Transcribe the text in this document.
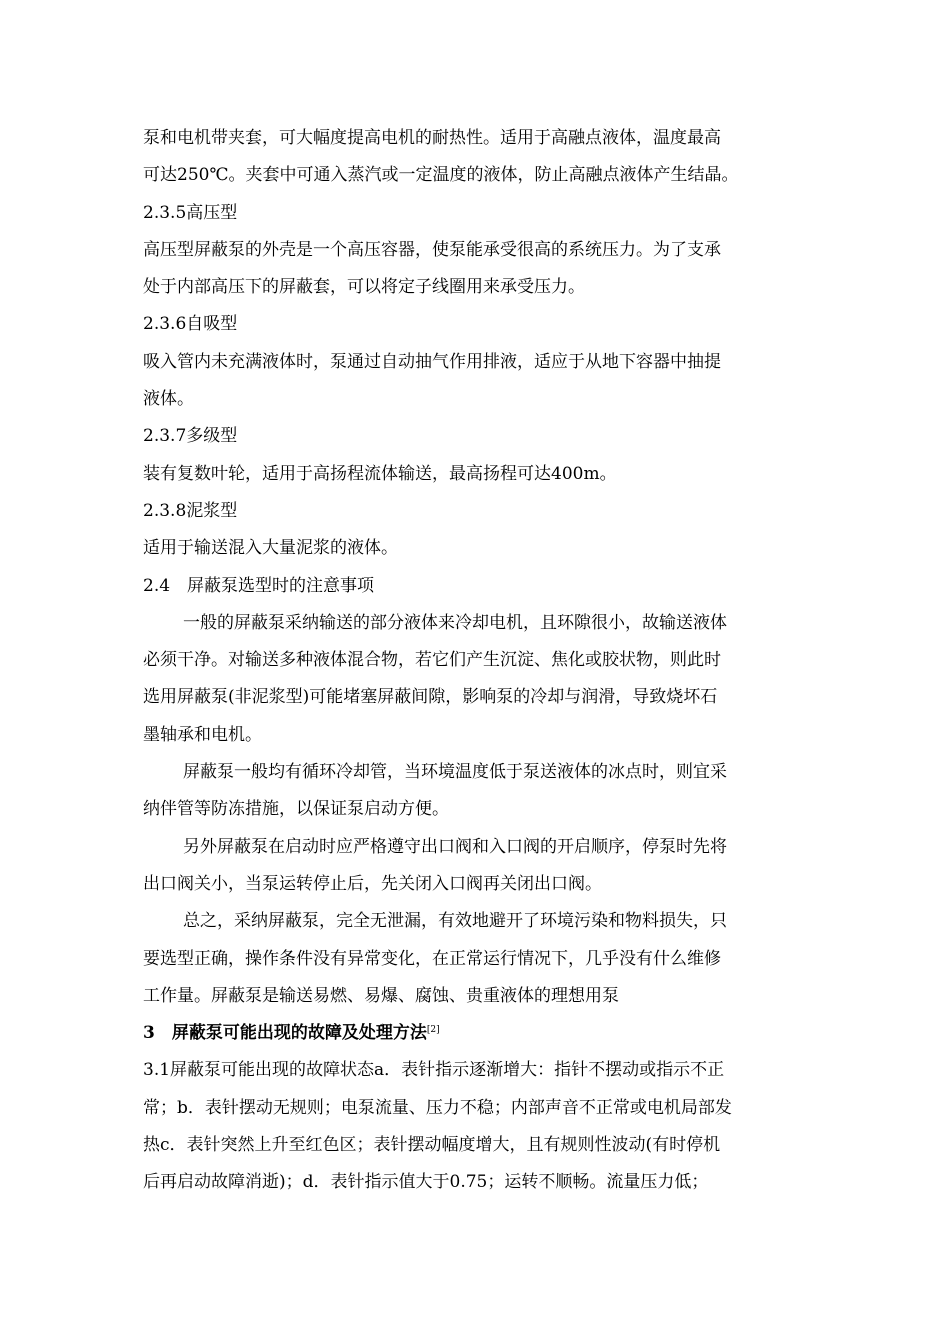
泵和电机带夹套，可大幅度提高电机的耐热性。适用于高融点液体，温度最高
可达250℃。夹套中可通入蒸汽或一定温度的液体，防止高融点液体产生结晶。
2.3.5高压型
高压型屏蔽泵的外壳是一个高压容器，使泵能承受很高的系统压力。为了支承
处于内部高压下的屏蔽套，可以将定子线圈用来承受压力。
2.3.6自吸型
吸入管内未充满液体时，泵通过自动抽气作用排液，适应于从地下容器中抽提
液体。
2.3.7多级型
装有复数叶轮，适用于高扬程流体输送，最高扬程可达400m。
2.3.8泥浆型
适用于输送混入大量泥浆的液体。
2.4　屏蔽泵选型时的注意事项
一般的屏蔽泵采纳输送的部分液体来冷却电机，且环隙很小，故输送液体
必须干净。对输送多种液体混合物，若它们产生沉淀、焦化或胶状物，则此时
选用屏蔽泵(非泥浆型)可能堵塞屏蔽间隙，影响泵的冷却与润滑，导致烧坏石
墨轴承和电机。
屏蔽泵一般均有循环冷却管，当环境温度低于泵送液体的冰点时，则宜采
纳伴管等防冻措施，以保证泵启动方便。
另外屏蔽泵在启动时应严格遵守出口阀和入口阀的开启顺序，停泵时先将
出口阀关小，当泵运转停止后，先关闭入口阀再关闭出口阀。
总之，采纳屏蔽泵，完全无泄漏，有效地避开了环境污染和物料损失，只
要选型正确，操作条件没有异常变化，在正常运行情况下，几乎没有什么维修
工作量。屏蔽泵是输送易燃、易爆、腐蚀、贵重液体的理想用泵
3　屏蔽泵可能出现的故障及处理方法[2]
3.1屏蔽泵可能出现的故障状态a．表针指示逐渐增大：指针不摆动或指示不正
常；b．表针摆动无规则；电泵流量、压力不稳；内部声音不正常或电机局部发
热c．表针突然上升至红色区；表针摆动幅度增大，且有规则性波动(有时停机
后再启动故障消逝)；d．表针指示值大于0.75；运转不顺畅。流量压力低；
